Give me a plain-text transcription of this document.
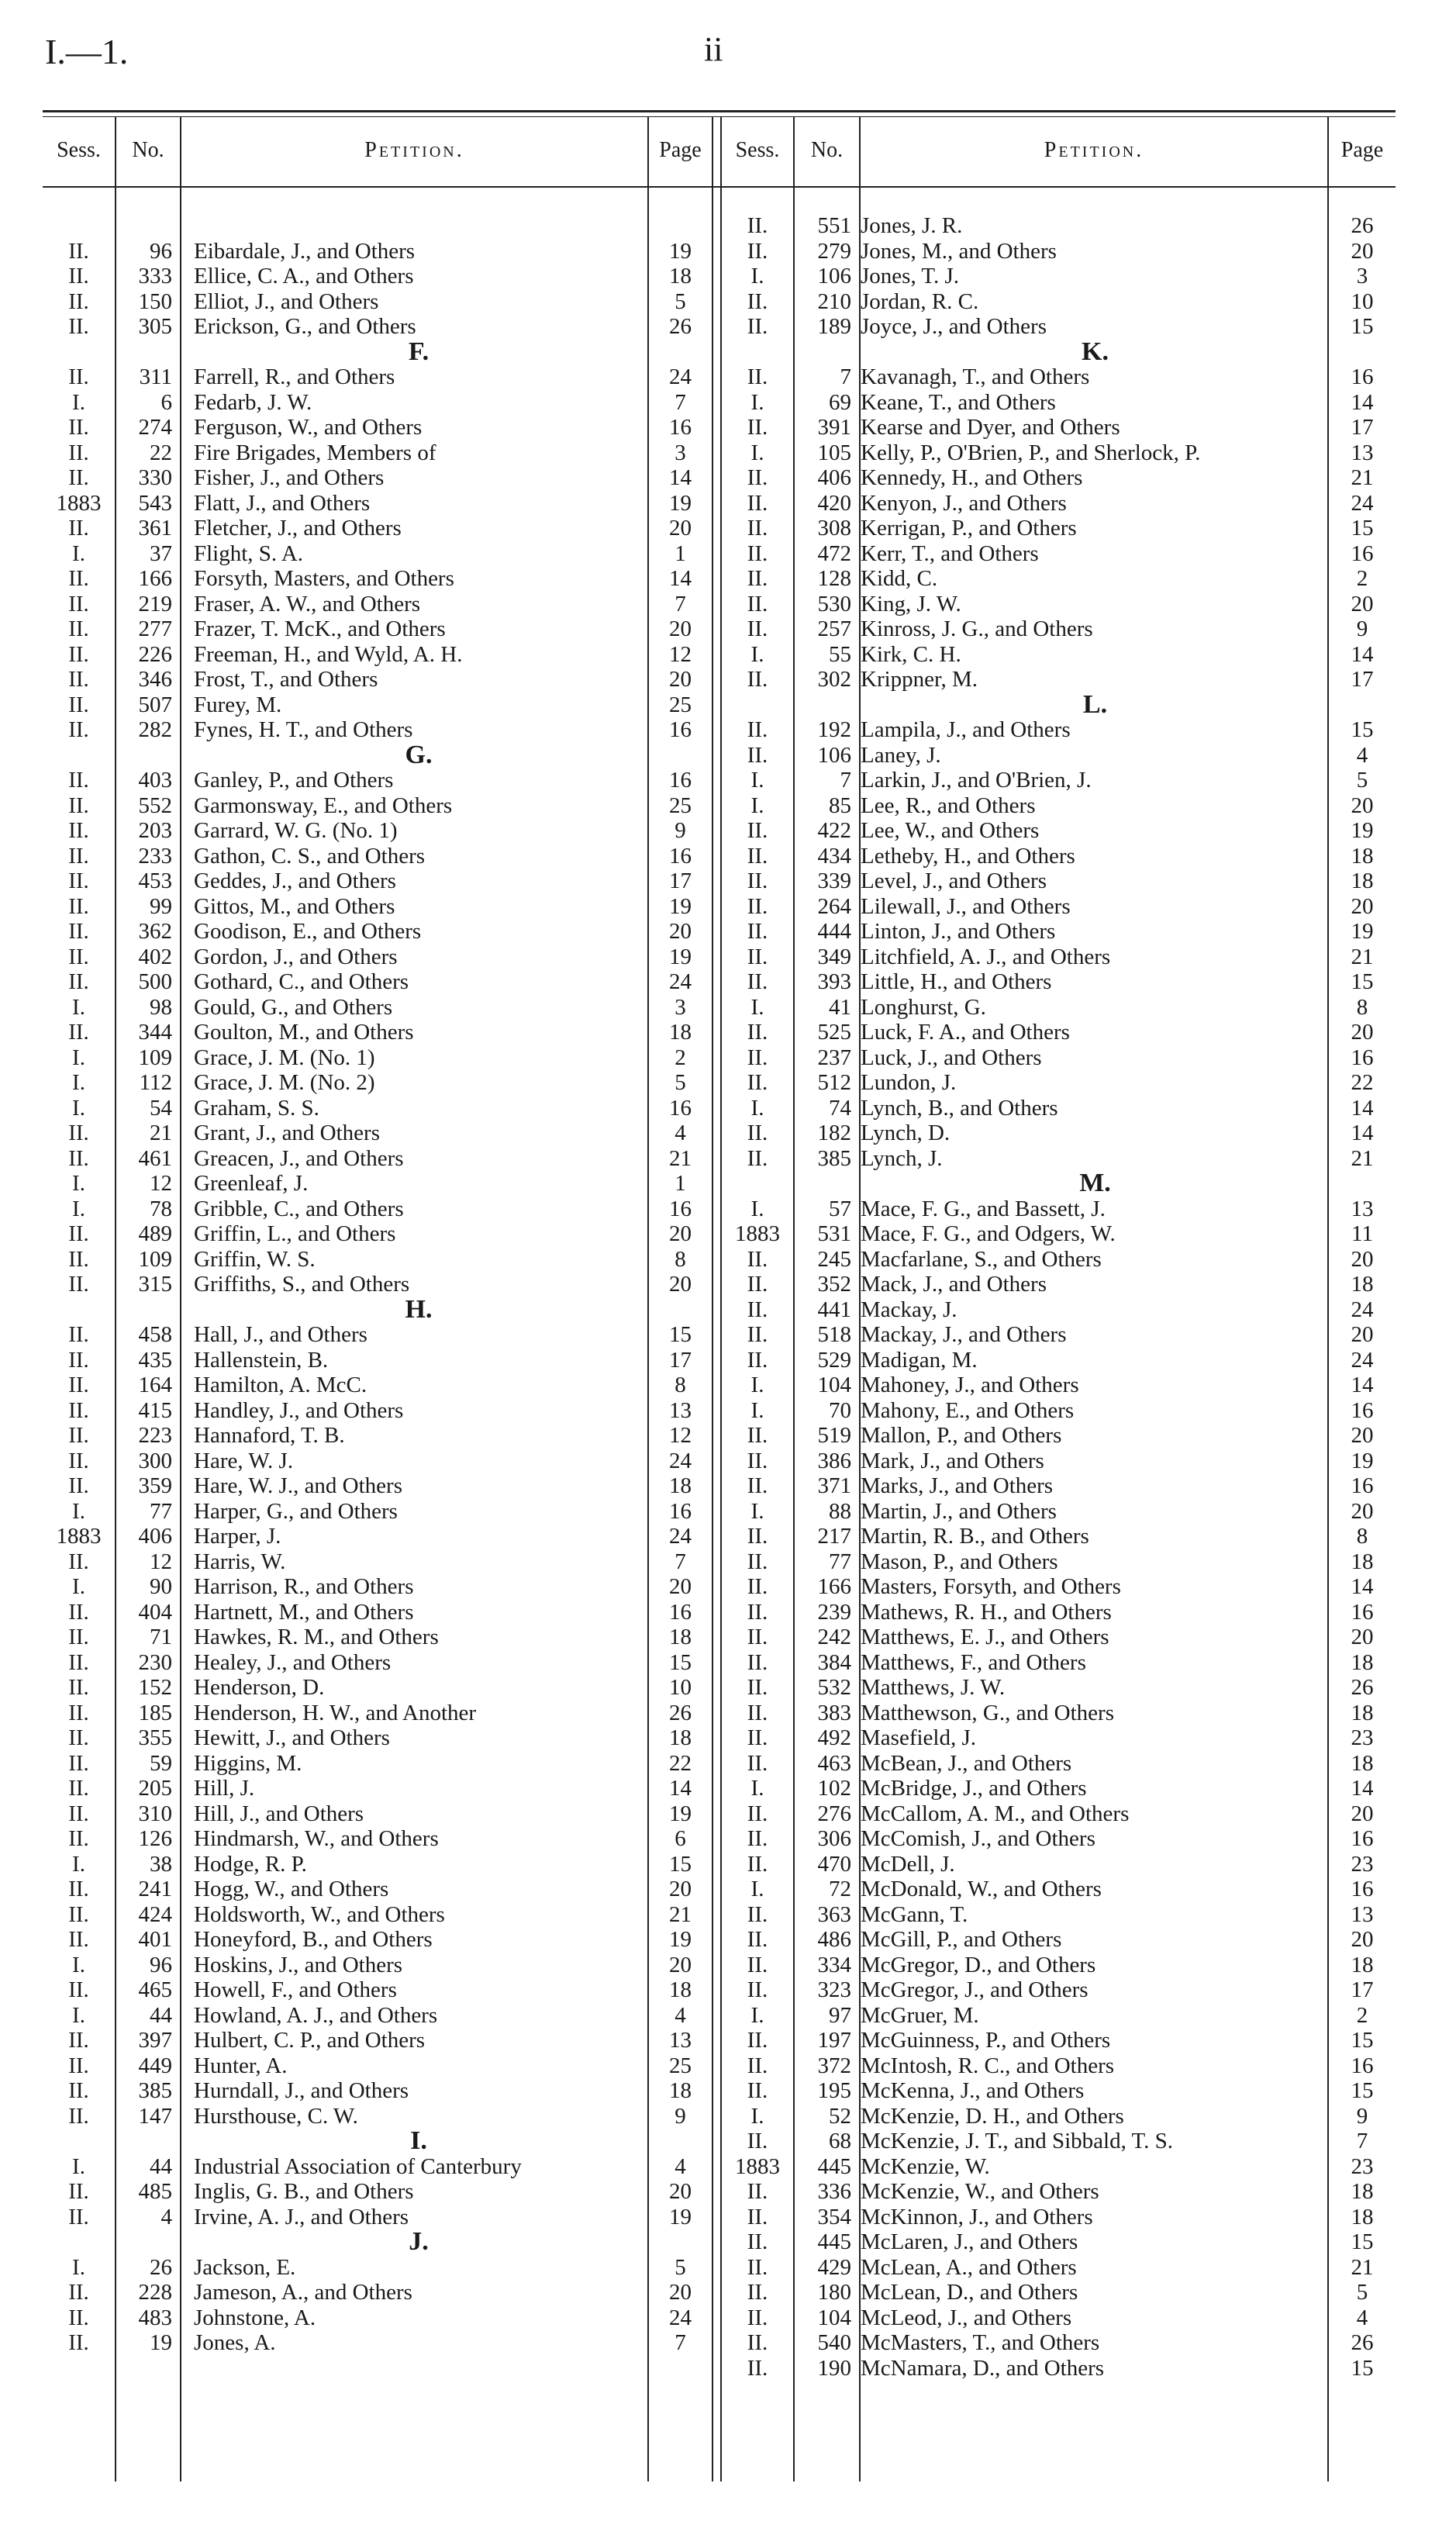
I.—1.	ii
Sess.	No.	Petition.	Page	Sess.	No.	Petition.	Page
II.	96 Eibardale, J., and Others	19
II.	333 Ellice, C. A., and Others	18
II.	150 Elliot, J., and Others	5
II.	305 Erickson, G., and Others	26
F.
II.	311 Farrell, R., and Others	24
I.	6 Fedarb, J. W.	7
II.	274 Ferguson, W., and Others	16
II.	22 Fire Brigades, Members of	3
II.	330 Fisher, J., and Others	14
1883	543 Flatt, J., and Others	19
II.	361 Fletcher, J., and Others	20
I.	37 Flight, S. A.	1
II.	166 Forsyth, Masters, and Others	14
II.	219 Fraser, A. W., and Others	7
II.	277 Frazer, T. McK., and Others	20
II.	226 Freeman, H., and Wyld, A. H.	12
II.	346 Frost, T., and Others	20
II.	507 Furey, M.	25
II.	282 Fynes, H. T., and Others	16
G.
II.	403 Ganley, P., and Others	16
II.	552 Garmonsway, E., and Others	25
II.	203 Garrard, W. G. (No. 1)	9
II.	233 Gathon, C. S., and Others	16
II.	453 Geddes, J., and Others	17
II.	99 Gittos, M., and Others	19
II.	362 Goodison, E., and Others	20
II.	402 Gordon, J., and Others	19
II.	500 Gothard, C., and Others	24
I.	98 Gould, G., and Others	3
II.	344 Goulton, M., and Others	18
I.	109 Grace, J. M. (No. 1)	2
I.	112 Grace, J. M. (No. 2)	5
I.	54 Graham, S. S.	16
II.	21 Grant, J., and Others	4
II.	461 Greacen, J., and Others	21
I.	12 Greenleaf, J.	1
I.	78 Gribble, C., and Others	16
II.	489 Griffin, L., and Others	20
II.	109 Griffin, W. S.	8
II.	315 Griffiths, S., and Others	20
H.
II.	458 Hall, J., and Others	15
II.	435 Hallenstein, B.	17
II.	164 Hamilton, A. McC.	8
II.	415 Handley, J., and Others	13
II.	223 Hannaford, T. B.	12
II.	300 Hare, W. J.	24
II.	359 Hare, W. J., and Others	18
I.	77 Harper, G., and Others	16
1883	406 Harper, J.	24
II.	12 Harris, W.	7
I.	90 Harrison, R., and Others	20
II.	404 Hartnett, M., and Others	16
II.	71 Hawkes, R. M., and Others	18
II.	230 Healey, J., and Others	15
II.	152 Henderson, D.	10
II.	185 Henderson, H. W., and Another	26
II.	355 Hewitt, J., and Others	18
II.	59 Higgins, M.	22
II.	205 Hill, J.	14
II.	310 Hill, J., and Others	19
II.	126 Hindmarsh, W., and Others	6
I.	38 Hodge, R. P.	15
II.	241 Hogg, W., and Others	20
II.	424 Holdsworth, W., and Others	21
II.	401 Honeyford, B., and Others	19
I.	96 Hoskins, J., and Others	20
II.	465 Howell, F., and Others	18
I.	44 Howland, A. J., and Others	4
II.	397 Hulbert, C. P., and Others	13
II.	449 Hunter, A.	25
II.	385 Hurndall, J., and Others	18
II.	147 Hursthouse, C. W.	9
I.
I.	44 Industrial Association of Canterbury	4
II.	485 Inglis, G. B., and Others	20
II.	4 Irvine, A. J., and Others	19
J.
I.	26 Jackson, E.	5
II.	228 Jameson, A., and Others	20
II.	483 Johnstone, A.	24
II.	19 Jones, A.	7
II.	551 Jones, J. R.	26
II.	279 Jones, M., and Others	20
I.	106 Jones, T. J.	3
II.	210 Jordan, R. C.	10
II.	189 Joyce, J., and Others	15
K.
II.	7 Kavanagh, T., and Others	16
I.	69 Keane, T., and Others	14
II.	391 Kearse and Dyer, and Others	17
I.	105 Kelly, P., O'Brien, P., and Sherlock, P.	13
II.	406 Kennedy, H., and Others	21
II.	420 Kenyon, J., and Others	24
II.	308 Kerrigan, P., and Others	15
II.	472 Kerr, T., and Others	16
II.	128 Kidd, C.	2
II.	530 King, J. W.	20
II.	257 Kinross, J. G., and Others	9
I.	55 Kirk, C. H.	14
II.	302 Krippner, M.	17
L.
II.	192 Lampila, J., and Others	15
II.	106 Laney, J.	4
I.	7 Larkin, J., and O'Brien, J.	5
I.	85 Lee, R., and Others	20
II.	422 Lee, W., and Others	19
II.	434 Letheby, H., and Others	18
II.	339 Level, J., and Others	18
II.	264 Lilewall, J., and Others	20
II.	444 Linton, J., and Others	19
II.	349 Litchfield, A. J., and Others	21
II.	393 Little, H., and Others	15
I.	41 Longhurst, G.	8
II.	525 Luck, F. A., and Others	20
II.	237 Luck, J., and Others	16
II.	512 Lundon, J.	22
I.	74 Lynch, B., and Others	14
II.	182 Lynch, D.	14
II.	385 Lynch, J.	21
M.
I.	57 Mace, F. G., and Bassett, J.	13
1883	531 Mace, F. G., and Odgers, W.	11
II.	245 Macfarlane, S., and Others	20
II.	352 Mack, J., and Others	18
II.	441 Mackay, J.	24
II.	518 Mackay, J., and Others	20
II.	529 Madigan, M.	24
I.	104 Mahoney, J., and Others	14
I.	70 Mahony, E., and Others	16
II.	519 Mallon, P., and Others	20
II.	386 Mark, J., and Others	19
II.	371 Marks, J., and Others	16
I.	88 Martin, J., and Others	20
II.	217 Martin, R. B., and Others	8
II.	77 Mason, P., and Others	18
II.	166 Masters, Forsyth, and Others	14
II.	239 Mathews, R. H., and Others	16
II.	242 Matthews, E. J., and Others	20
II.	384 Matthews, F., and Others	18
II.	532 Matthews, J. W.	26
II.	383 Matthewson, G., and Others	18
II.	492 Masefield, J.	23
II.	463 McBean, J., and Others	18
I.	102 McBridge, J., and Others	14
II.	276 McCallom, A. M., and Others	20
II.	306 McComish, J., and Others	16
II.	470 McDell, J.	23
I.	72 McDonald, W., and Others	16
II.	363 McGann, T.	13
II.	486 McGill, P., and Others	20
II.	334 McGregor, D., and Others	18
II.	323 McGregor, J., and Others	17
I.	97 McGruer, M.	2
II.	197 McGuinness, P., and Others	15
II.	372 McIntosh, R. C., and Others	16
II.	195 McKenna, J., and Others	15
I.	52 McKenzie, D. H., and Others	9
II.	68 McKenzie, J. T., and Sibbald, T. S.	7
1883	445 McKenzie, W.	23
II.	336 McKenzie, W., and Others	18
II.	354 McKinnon, J., and Others	18
II.	445 McLaren, J., and Others	15
II.	429 McLean, A., and Others	21
II.	180 McLean, D., and Others	5
II.	104 McLeod, J., and Others	4
II.	540 McMasters, T., and Others	26
II.	190 McNamara, D., and Others	15
